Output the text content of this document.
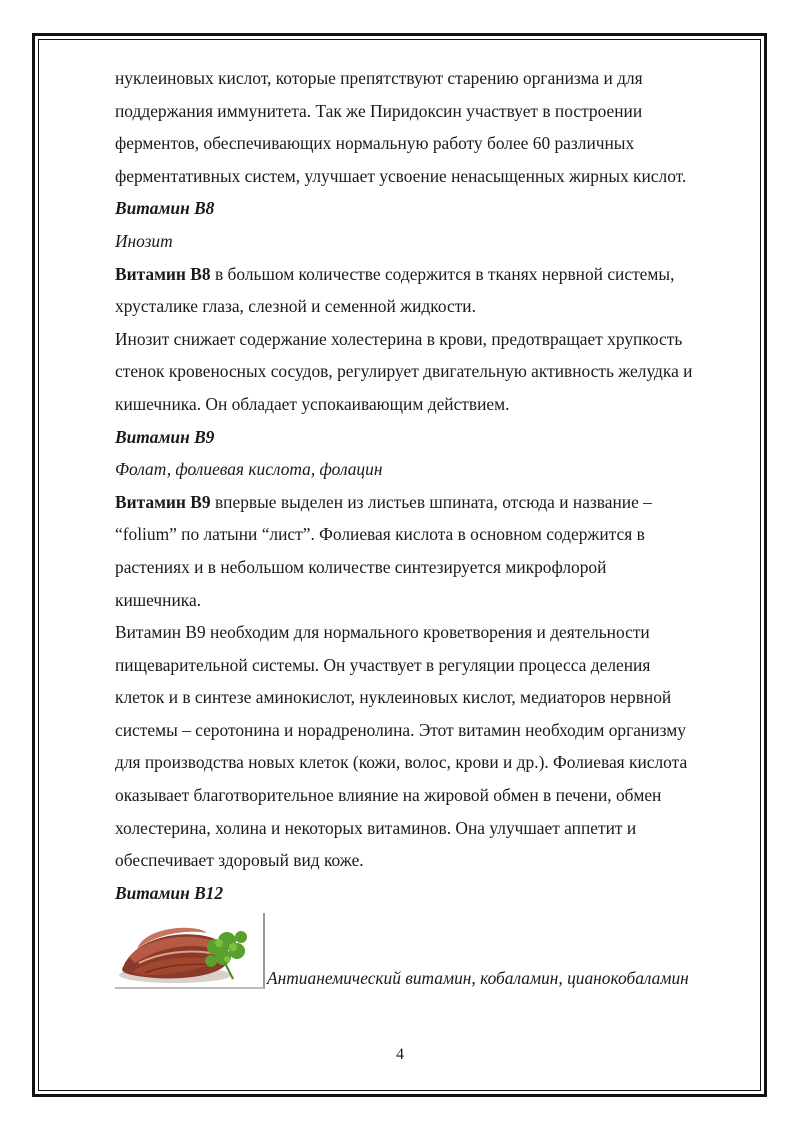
нуклеиновых кислот, которые препятствуют старению организма и для
поддержания иммунитета. Так же Пиридоксин участвует в построении
ферментов, обеспечивающих нормальную работу более 60 различных
ферментативных систем, улучшает усвоение ненасыщенных жирных кислот.
Витамин В8
Инозит
Витамин В8 в большом количестве содержится в тканях нервной системы,
хрусталике глаза, слезной и семенной жидкости.
Инозит снижает содержание холестерина в крови, предотвращает хрупкость
стенок кровеносных сосудов, регулирует двигательную активность желудка и
кишечника. Он обладает успокаивающим действием.
Витамин В9
Фолат, фолиевая кислота, фолацин
Витамин В9 впервые выделен из листьев шпината, отсюда и название –
“folium” по латыни “лист”. Фолиевая кислота в основном содержится в
растениях и в небольшом количестве синтезируется микрофлорой
кишечника.
Витамин В9 необходим для нормального кроветворения и деятельности
пищеварительной системы. Он участвует в регуляции процесса деления
клеток и в синтезе аминокислот, нуклеиновых кислот, медиаторов нервной
системы – серотонина и норадренолина. Этот витамин необходим организму
для производства новых клеток (кожи, волос, крови и др.). Фолиевая кислота
оказывает благотворительное влияние на жировой обмен в печени, обмен
холестерина, холина и некоторых витаминов. Она улучшает аппетит и
обеспечивает здоровый вид коже.
Витамин В12
Антианемический витамин, кобаламин, цианокобаламин
4
